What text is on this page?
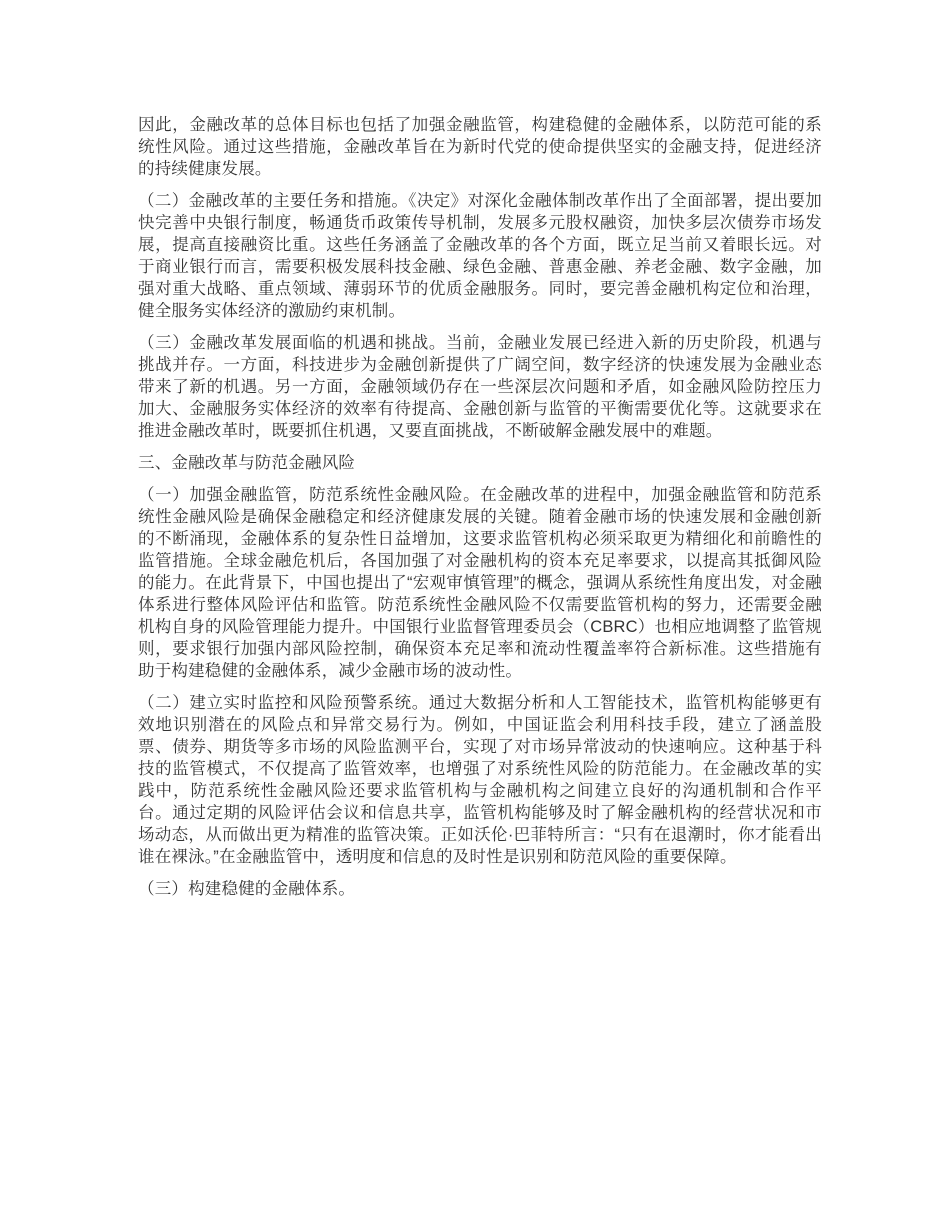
因此，金融改革的总体目标也包括了加强金融监管，构建稳健的金融体系，以防范可能的系统性风险。通过这些措施，金融改革旨在为新时代党的使命提供坚实的金融支持，促进经济的持续健康发展。

（二）金融改革的主要任务和措施。《决定》对深化金融体制改革作出了全面部署，提出要加快完善中央银行制度，畅通货币政策传导机制，发展多元股权融资，加快多层次债券市场发展，提高直接融资比重。这些任务涵盖了金融改革的各个方面，既立足当前又着眼长远。对于商业银行而言，需要积极发展科技金融、绿色金融、普惠金融、养老金融、数字金融，加强对重大战略、重点领域、薄弱环节的优质金融服务。同时，要完善金融机构定位和治理，健全服务实体经济的激励约束机制。

（三）金融改革发展面临的机遇和挑战。当前，金融业发展已经进入新的历史阶段，机遇与挑战并存。一方面，科技进步为金融创新提供了广阔空间，数字经济的快速发展为金融业态带来了新的机遇。另一方面，金融领域仍存在一些深层次问题和矛盾，如金融风险防控压力加大、金融服务实体经济的效率有待提高、金融创新与监管的平衡需要优化等。这就要求在推进金融改革时，既要抓住机遇，又要直面挑战，不断破解金融发展中的难题。

三、金融改革与防范金融风险

（一）加强金融监管，防范系统性金融风险。在金融改革的进程中，加强金融监管和防范系统性金融风险是确保金融稳定和经济健康发展的关键。随着金融市场的快速发展和金融创新的不断涌现，金融体系的复杂性日益增加，这要求监管机构必须采取更为精细化和前瞻性的监管措施。全球金融危机后，各国加强了对金融机构的资本充足率要求，以提高其抵御风险的能力。在此背景下，中国也提出了“宏观审慎管理”的概念，强调从系统性角度出发，对金融体系进行整体风险评估和监管。防范系统性金融风险不仅需要监管机构的努力，还需要金融机构自身的风险管理能力提升。中国银行业监督管理委员会（CBRC）也相应地调整了监管规则，要求银行加强内部风险控制，确保资本充足率和流动性覆盖率符合新标准。这些措施有助于构建稳健的金融体系，减少金融市场的波动性。

（二）建立实时监控和风险预警系统。通过大数据分析和人工智能技术，监管机构能够更有效地识别潜在的风险点和异常交易行为。例如，中国证监会利用科技手段，建立了涵盖股票、债券、期货等多市场的风险监测平台，实现了对市场异常波动的快速响应。这种基于科技的监管模式，不仅提高了监管效率，也增强了对系统性风险的防范能力。在金融改革的实践中，防范系统性金融风险还要求监管机构与金融机构之间建立良好的沟通机制和合作平台。通过定期的风险评估会议和信息共享，监管机构能够及时了解金融机构的经营状况和市场动态，从而做出更为精准的监管决策。正如沃伦·巴菲特所言：“只有在退潮时，你才能看出谁在裸泳。”在金融监管中，透明度和信息的及时性是识别和防范风险的重要保障。

（三）构建稳健的金融体系。
